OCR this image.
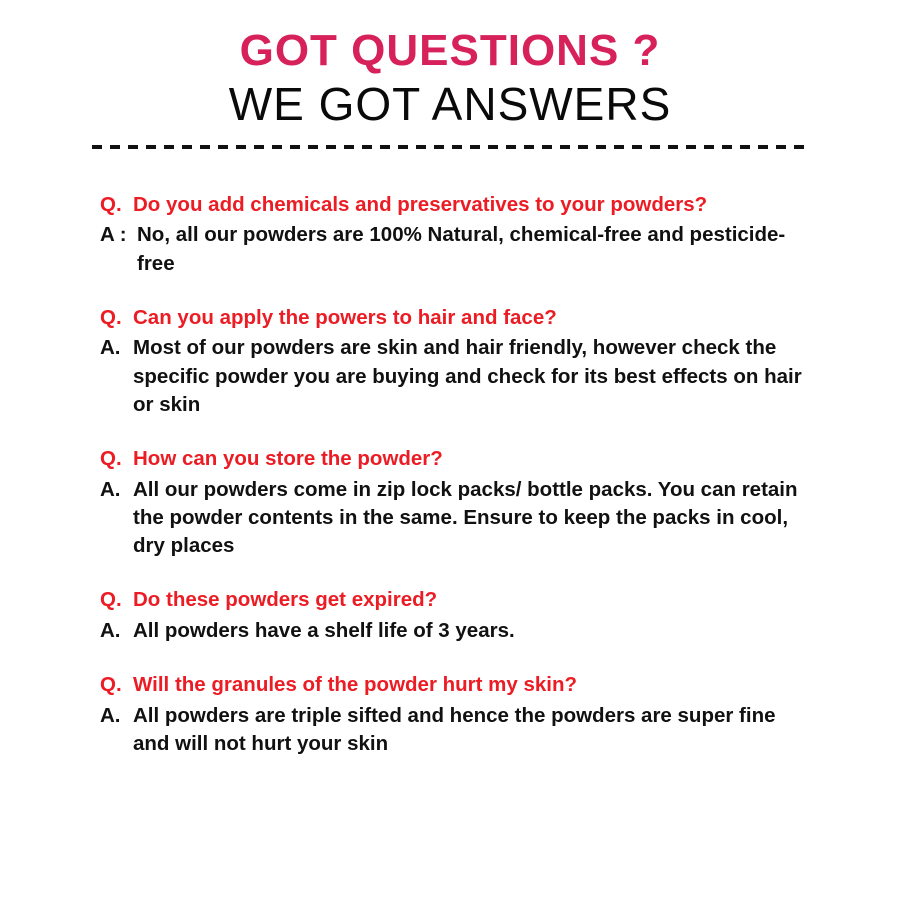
GOT QUESTIONS ?
WE GOT ANSWERS
Q. Do you add chemicals and preservatives to your powders?
A : No, all our powders are 100% Natural, chemical-free and pesticide-free
Q. Can you apply the powers to hair and face?
A. Most of our powders are skin and hair friendly, however check the specific powder you are buying and check for its best effects on hair or skin
Q. How can you store the powder?
A. All our powders come in zip lock packs/ bottle packs. You can retain the powder contents in the same. Ensure to keep the packs in cool, dry places
Q. Do these powders get expired?
A. All powders have a shelf life of 3 years.
Q. Will the granules of the powder hurt my skin?
A. All powders are triple sifted and hence the powders are super fine and will not hurt your skin
